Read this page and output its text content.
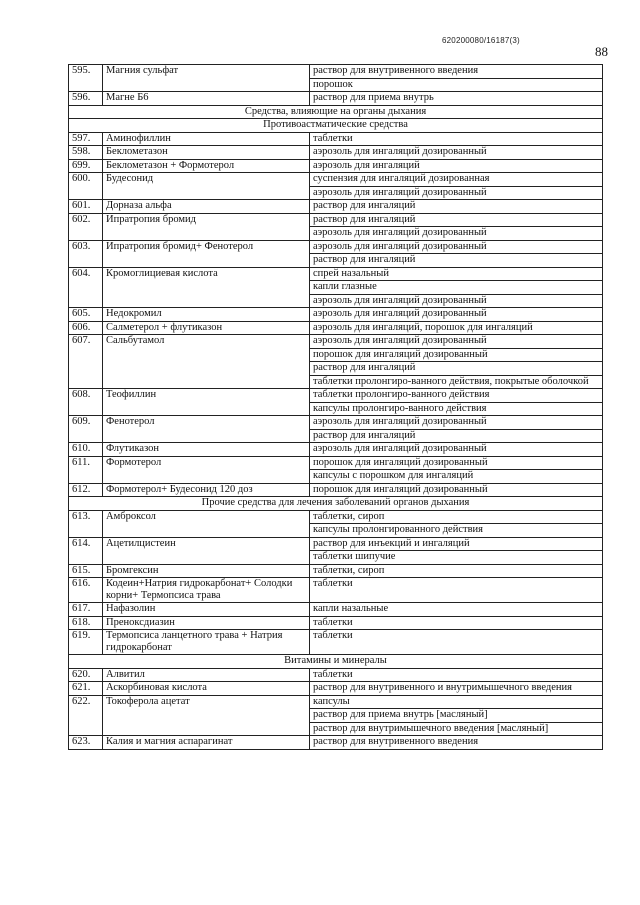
620200080/16187(3)
88
595.	Магния сульфат	раствор для внутривенного введения
		порошок
596.	Магне Б6	раствор для приема внутрь
Средства, влияющие на органы дыхания		
Противоастматические средства		
597.	Аминофиллин	таблетки
598.	Беклометазон	аэрозоль для ингаляций дозированный
699.	Беклометазон + Формотерол	аэрозоль для ингаляций
600.	Будесонид	суспензия для ингаляций дозированная
		аэрозоль для ингаляций дозированный
601.	Дорназа альфа	раствор для ингаляций
602.	Ипратропия бромид	раствор для ингаляций
		аэрозоль для ингаляций дозированный
603.	Ипратропия бромид+ Фенотерол	аэрозоль для ингаляций дозированный
		раствор для ингаляций
604.	Кромоглициевая кислота	спрей назальный
		капли глазные
		аэрозоль для ингаляций дозированный
605.	Недокромил	аэрозоль для ингаляций дозированный
606.	Салметерол + флутиказон	аэрозоль для ингаляций, порошок для ингаляций
607.	Сальбутамол	аэрозоль для ингаляций дозированный
		порошок для ингаляций дозированный
		раствор для ингаляций
		таблетки пролонгиро-ванного действия, покрытые оболочкой
608.	Теофиллин	таблетки пролонгиро-ванного действия
		капсулы пролонгиро-ванного действия
609.	Фенотерол	аэрозоль для ингаляций дозированный
		раствор для ингаляций
610.	Флутиказон	аэрозоль для ингаляций дозированный
611.	Формотерол	порошок для ингаляций дозированный
		капсулы с порошком для ингаляций
612.	Формотерол+ Будесонид 120 доз	порошок для ингаляций дозированный
Прочие средства для лечения заболеваний органов дыхания		
613.	Амброксол	таблетки, сироп
		капсулы пролонгированного действия
614.	Ацетилцистеин	раствор для инъекций и ингаляций
		таблетки шипучие
615.	Бромгексин	таблетки, сироп
616.	Кодеин+Натрия гидрокарбонат+ Солодки корни+ Термопсиса трава	таблетки
617.	Нафазолин	капли назальные
618.	Преноксдиазин	таблетки
619.	Термопсиса ланцетного трава + Натрия гидрокарбонат	таблетки
Витамины и минералы		
620.	Алвитил	таблетки
621.	Аскорбиновая кислота	раствор для внутривенного и внутримышечного введения
622.	Токоферола ацетат	капсулы
		раствор для приема внутрь [масляный]
		раствор для внутримышечного введения [масляный]
623.	Калия и магния аспарагинат	раствор для внутривенного введения
